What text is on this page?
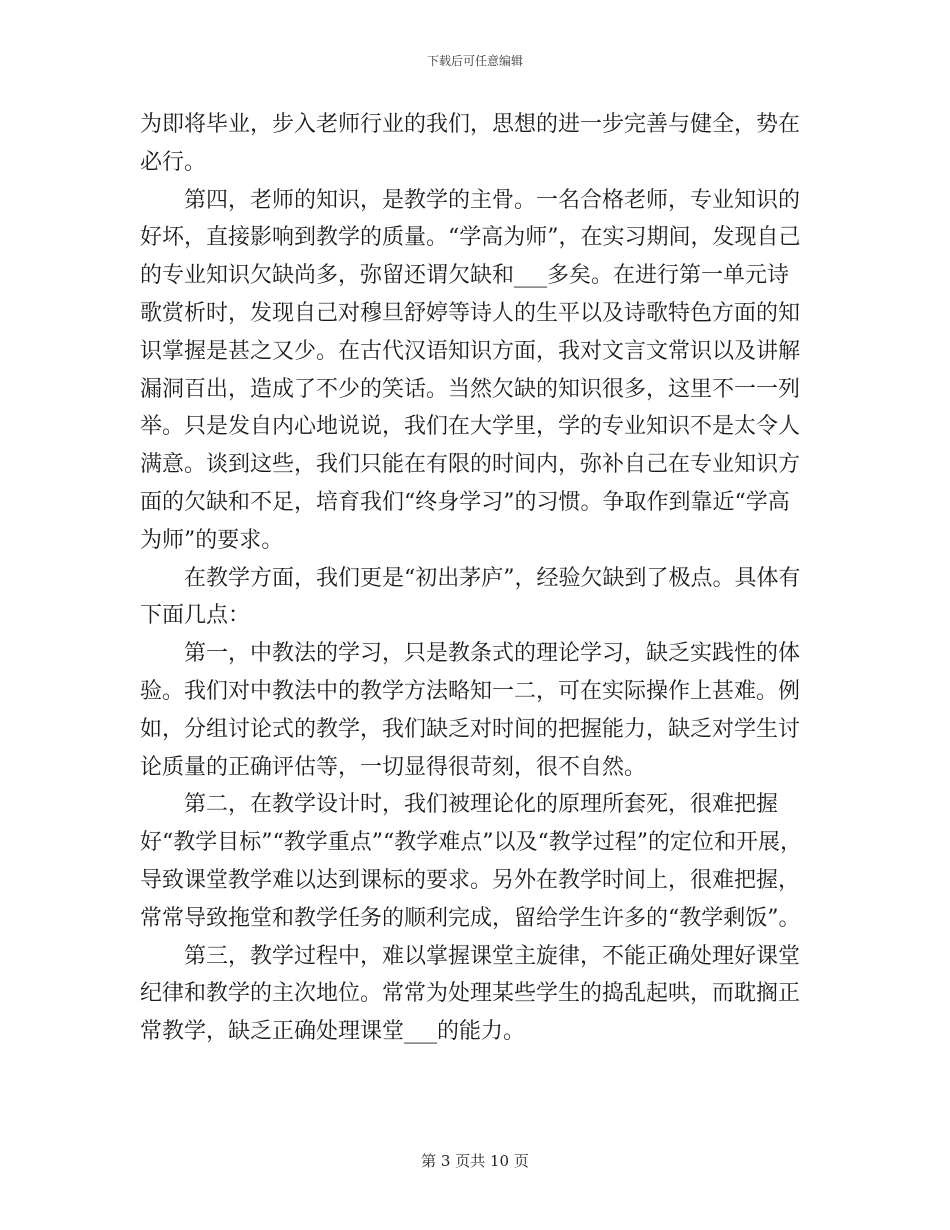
下载后可任意编辑

为即将毕业，步入老师行业的我们，思想的进一步完善与健全，势在必行。

第四，老师的知识，是教学的主骨。一名合格老师，专业知识的好坏，直接影响到教学的质量。“学高为师”，在实习期间，发现自己的专业知识欠缺尚多，弥留还谓欠缺和___多矣。在进行第一单元诗歌赏析时，发现自己对穆旦舒婷等诗人的生平以及诗歌特色方面的知识掌握是甚之又少。在古代汉语知识方面，我对文言文常识以及讲解漏洞百出，造成了不少的笑话。当然欠缺的知识很多，这里不一一列举。只是发自内心地说说，我们在大学里，学的专业知识不是太令人满意。谈到这些，我们只能在有限的时间内，弥补自己在专业知识方面的欠缺和不足，培育我们“终身学习”的习惯。争取作到靠近“学高为师”的要求。

在教学方面，我们更是“初出茅庐”，经验欠缺到了极点。具体有下面几点：

第一，中教法的学习，只是教条式的理论学习，缺乏实践性的体验。我们对中教法中的教学方法略知一二，可在实际操作上甚难。例如，分组讨论式的教学，我们缺乏对时间的把握能力，缺乏对学生讨论质量的正确评估等，一切显得很苛刻，很不自然。

第二，在教学设计时，我们被理论化的原理所套死，很难把握好“教学目标”“教学重点”“教学难点”以及“教学过程”的定位和开展，导致课堂教学难以达到课标的要求。另外在教学时间上，很难把握，常常导致拖堂和教学任务的顺利完成，留给学生许多的“教学剩饭”。

第三，教学过程中，难以掌握课堂主旋律，不能正确处理好课堂纪律和教学的主次地位。常常为处理某些学生的捣乱起哄，而耽搁正常教学，缺乏正确处理课堂___的能力。

第 3 页共 10 页
